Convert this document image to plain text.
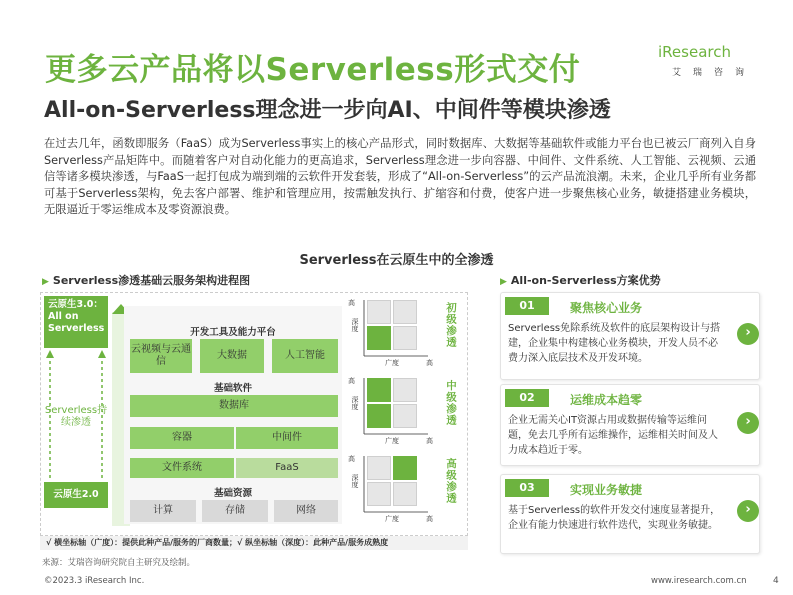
更多云产品将以Serverless形式交付
All-on-Serverless理念进一步向AI、中间件等模块渗透
iResearch
艾瑞咨询
在过去几年，函数即服务（FaaS）成为Serverless事实上的核心产品形式，同时数据库、大数据等基础软件或能力平台也已被云厂商列入自身Serverless产品矩阵中。而随着客户对自动化能力的更高追求，Serverless理念进一步向容器、中间件、文件系统、人工智能、云视频、云通信等诸多模块渗透，与FaaS一起打包成为端到端的云软件开发套装，形成了“All-on-Serverless”的云产品流浪潮。未来，企业几乎所有业务都可基于Serverless架构，免去客户部署、维护和管理应用，按需触发执行、扩缩容和付费，使客户进一步聚焦核心业务，敏捷搭建业务模块，无限逼近于零运维成本及零资源浪费。
Serverless在云原生中的全渗透
▶ Serverless渗透基础云服务架构进程图	▶ All-on-Serverless方案优势
云原生3.0：All on Serverless
云原生2.0
Serverless持续渗透
开发工具及能力平台
云视频与云通信
大数据	人工智能
基础软件
数据库
容器	中间件
文件系统	FaaS
基础资源
计算	存储	网络
高
深度
广度	高
初级渗透
高
深度
广度	高
中级渗透
高
深度
广度	高
高级渗透
√ 横坐标轴（广度）：提供此种产品/服务的厂商数量；√ 纵坐标轴（深度）：此种产品/服务成熟度
来源：艾瑞咨询研究院自主研究及绘制。
01	聚焦核心业务
Serverless免除系统及软件的底层架构设计与搭建，企业集中构建核心业务模块，开发人员不必费力深入底层技术及开发环境。
›
02	运维成本趋零
企业无需关心IT资源占用或数据传输等运维问题，免去几乎所有运维操作，运维相关时间及人力成本趋近于零。
›
03	实现业务敏捷
基于Serverless的软件开发交付速度显著提升，企业有能力快速进行软件迭代，实现业务敏捷。
›
©2023.3 iResearch Inc.	www.iresearch.com.cn	4
